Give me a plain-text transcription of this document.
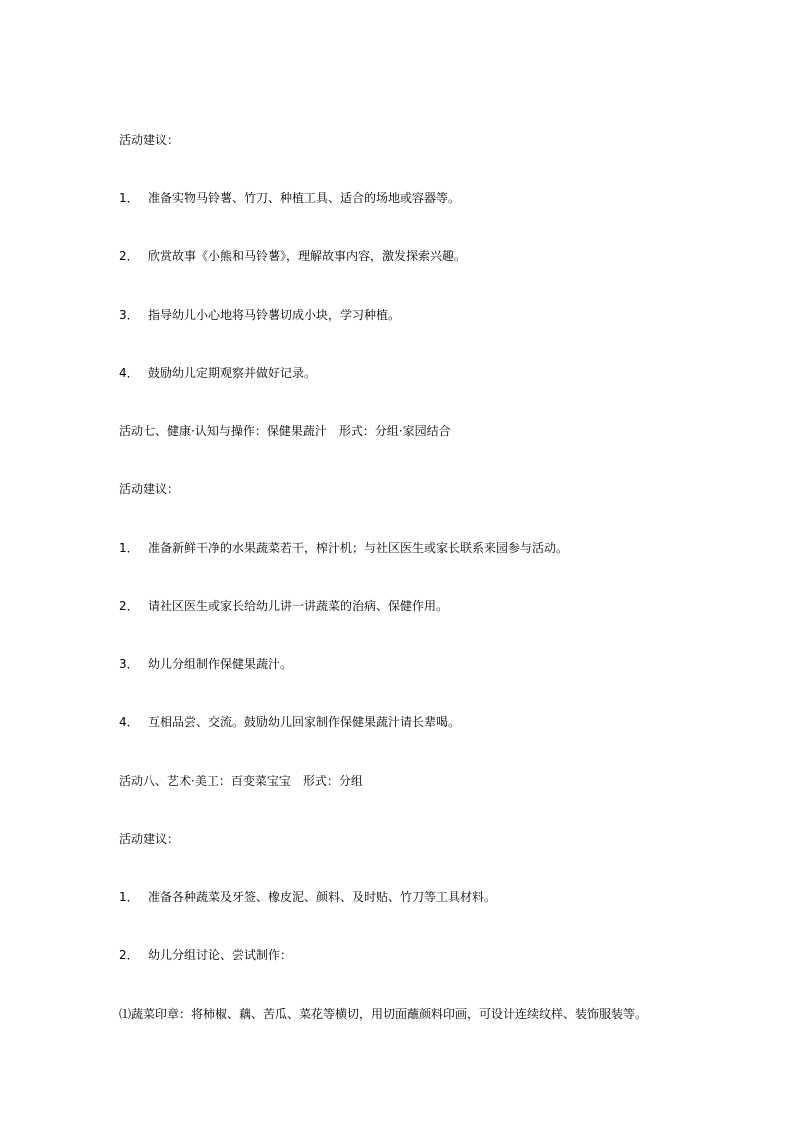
活动建议：
1． 准备实物马铃薯、竹刀、种植工具、适合的场地或容器等。
2． 欣赏故事《小熊和马铃薯》，理解故事内容，激发探索兴趣。
3． 指导幼儿小心地将马铃薯切成小块，学习种植。
4． 鼓励幼儿定期观察并做好记录。
活动七、健康·认知与操作：保健果蔬汁　形式：分组·家园结合
活动建议：
1． 准备新鲜干净的水果蔬菜若干，榨汁机；与社区医生或家长联系来园参与活动。
2． 请社区医生或家长给幼儿讲一讲蔬菜的治病、保健作用。
3． 幼儿分组制作保健果蔬汁。
4． 互相品尝、交流。鼓励幼儿回家制作保健果蔬汁请长辈喝。
活动八、艺术·美工：百变菜宝宝　形式：分组
活动建议：
1． 准备各种蔬菜及牙签、橡皮泥、颜料、及时贴、竹刀等工具材料。
2． 幼儿分组讨论、尝试制作：
⑴蔬菜印章：将柿椒、藕、苦瓜、菜花等横切，用切面蘸颜料印画，可设计连续纹样、装饰服装等。
